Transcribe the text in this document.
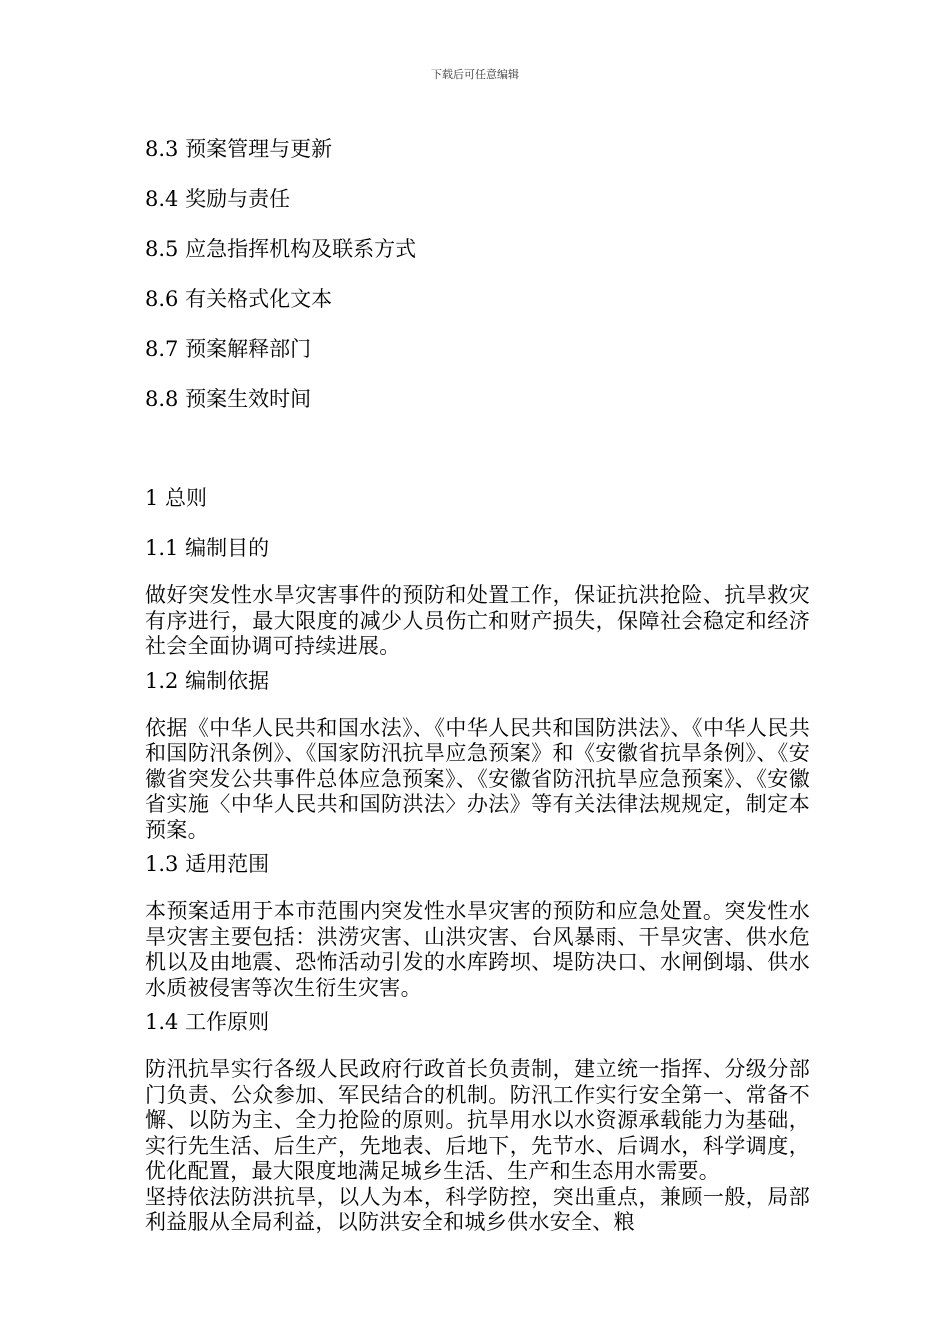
下载后可任意编辑
8.3 预案管理与更新
8.4 奖励与责任
8.5 应急指挥机构及联系方式
8.6 有关格式化文本
8.7 预案解释部门
8.8 预案生效时间
1 总则
1.1 编制目的

做好突发性水旱灾害事件的预防和处置工作，保证抗洪抢险、抗旱救灾有序进行，最大限度的减少人员伤亡和财产损失，保障社会稳定和经济社会全面协调可持续进展。

1.2 编制依据

依据《中华人民共和国水法》、《中华人民共和国防洪法》、《中华人民共和国防汛条例》、《国家防汛抗旱应急预案》和《安徽省抗旱条例》、《安徽省突发公共事件总体应急预案》、《安徽省防汛抗旱应急预案》、《安徽省实施〈中华人民共和国防洪法〉办法》等有关法律法规规定，制定本预案。

1.3 适用范围

本预案适用于本市范围内突发性水旱灾害的预防和应急处置。突发性水旱灾害主要包括：洪涝灾害、山洪灾害、台风暴雨、干旱灾害、供水危机以及由地震、恐怖活动引发的水库跨坝、堤防决口、水闸倒塌、供水水质被侵害等次生衍生灾害。

1.4 工作原则

防汛抗旱实行各级人民政府行政首长负责制，建立统一指挥、分级分部门负责、公众参加、军民结合的机制。防汛工作实行安全第一、常备不懈、以防为主、全力抢险的原则。抗旱用水以水资源承载能力为基础，实行先生活、后生产，先地表、后地下，先节水、后调水，科学调度，优化配置，最大限度地满足城乡生活、生产和生态用水需要。

坚持依法防洪抗旱，以人为本，科学防控，突出重点，兼顾一般，局部利益服从全局利益，以防洪安全和城乡供水安全、粮
